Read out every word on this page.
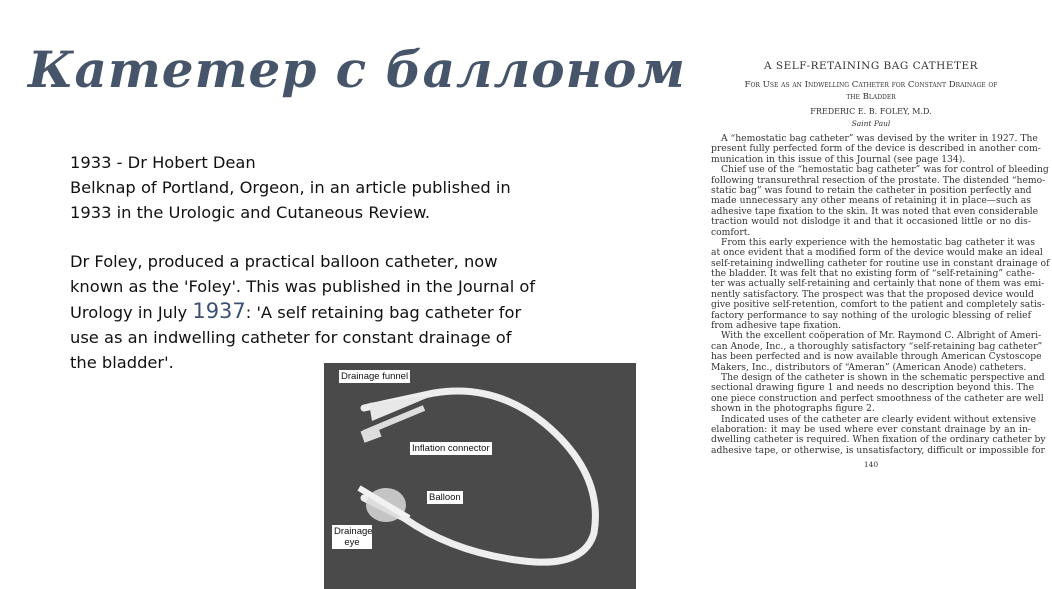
Катетер с баллоном

1933 - Dr Hobert Dean
Belknap of Portland, Orgeon, in an article published in
1933 in the Urologic and Cutaneous Review.

Dr Foley, produced a practical balloon catheter, now known as the 'Foley'. This was published in the Journal of Urology in July 1937: 'A self retaining bag catheter for use as an indwelling catheter for constant drainage of the bladder'.

Drainage funnel
Inflation connector
Balloon
Drainage eye
A SELF-RETAINING BAG CATHETER
For Use as an Indwelling Catheter for Constant Drainage of
the Bladder
FREDERIC E. B. FOLEY, M.D.
Saint Paul
A “hemostatic bag catheter” was devised by the writer in 1927. The
present fully perfected form of the device is described in another com-
munication in this issue of this Journal (see page 134).
Chief use of the “hemostatic bag catheter” was for control of bleeding
following transurethral resection of the prostate. The distended “hemo-
static bag” was found to retain the catheter in position perfectly and
made unnecessary any other means of retaining it in place—such as
adhesive tape fixation to the skin. It was noted that even considerable
traction would not dislodge it and that it occasioned little or no dis-
comfort.
From this early experience with the hemostatic bag catheter it was
at once evident that a modified form of the device would make an ideal
self-retaining indwelling catheter for routine use in constant drainage of
the bladder. It was felt that no existing form of “self-retaining” cathe-
ter was actually self-retaining and certainly that none of them was emi-
nently satisfactory. The prospect was that the proposed device would
give positive self-retention, comfort to the patient and completely satis-
factory performance to say nothing of the urologic blessing of relief
from adhesive tape fixation.
With the excellent coöperation of Mr. Raymond C. Albright of Ameri-
can Anode, Inc., a thoroughly satisfactory “self-retaining bag catheter”
has been perfected and is now available through American Cystoscope
Makers, Inc., distributors of “Ameran” (American Anode) catheters.
The design of the catheter is shown in the schematic perspective and
sectional drawing figure 1 and needs no description beyond this. The
one piece construction and perfect smoothness of the catheter are well
shown in the photographs figure 2.
Indicated uses of the catheter are clearly evident without extensive
elaboration: it may be used where ever constant drainage by an in-
dwelling catheter is required. When fixation of the ordinary catheter by
adhesive tape, or otherwise, is unsatisfactory, difficult or impossible for
140
